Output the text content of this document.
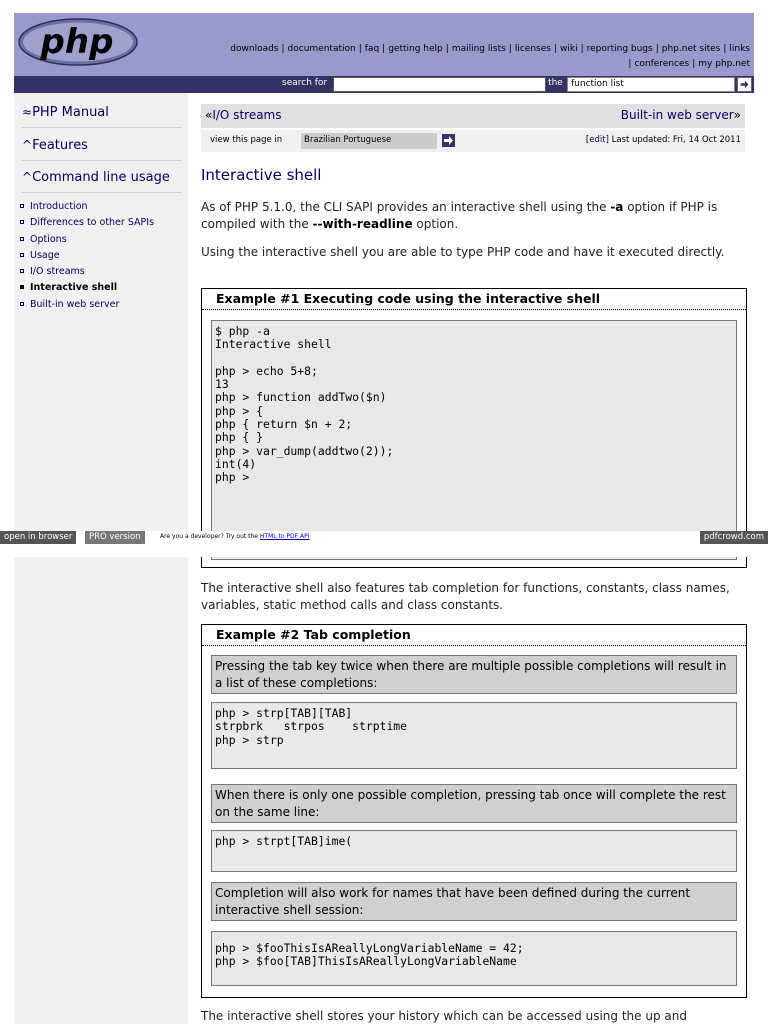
php	downloads | documentation | faq | getting help | mailing lists | licenses | wiki | reporting bugs | php.net sites | links
| conferences | my php.net
search for	in the function list
≈PHP Manual
^Features
^Command line usage
Introduction
Differences to other SAPIs
Options
Usage
I/O streams
Interactive shell
Built-in web server
«I/O streams	Built-in web server»
view this page in	Brazilian Portuguese	[edit] Last updated: Fri, 14 Oct 2011
Interactive shell

As of PHP 5.1.0, the CLI SAPI provides an interactive shell using the -a option if PHP is compiled with the --with-readline option.

Using the interactive shell you are able to type PHP code and have it executed directly.

Example #1 Executing code using the interactive shell
$ php -a
Interactive shell

php > echo 5+8;
13
php > function addTwo($n)
php > {
php { return $n + 2;
php { }
php > var_dump(addtwo(2));
int(4)
php >
open in browser	PRO version	Are you a developer? Try out the HTML to PDF API	pdfcrowd.com

The interactive shell also features tab completion for functions, constants, class names, variables, static method calls and class constants.

Example #2 Tab completion
Pressing the tab key twice when there are multiple possible completions will result in a list of these completions:
php > strp[TAB][TAB]
strpbrk   strpos    strptime
php > strp
When there is only one possible completion, pressing tab once will complete the rest on the same line:
php > strpt[TAB]ime(
Completion will also work for names that have been defined during the current interactive shell session:
php > $fooThisIsAReallyLongVariableName = 42;
php > $foo[TAB]ThisIsAReallyLongVariableName

The interactive shell stores your history which can be accessed using the up and
